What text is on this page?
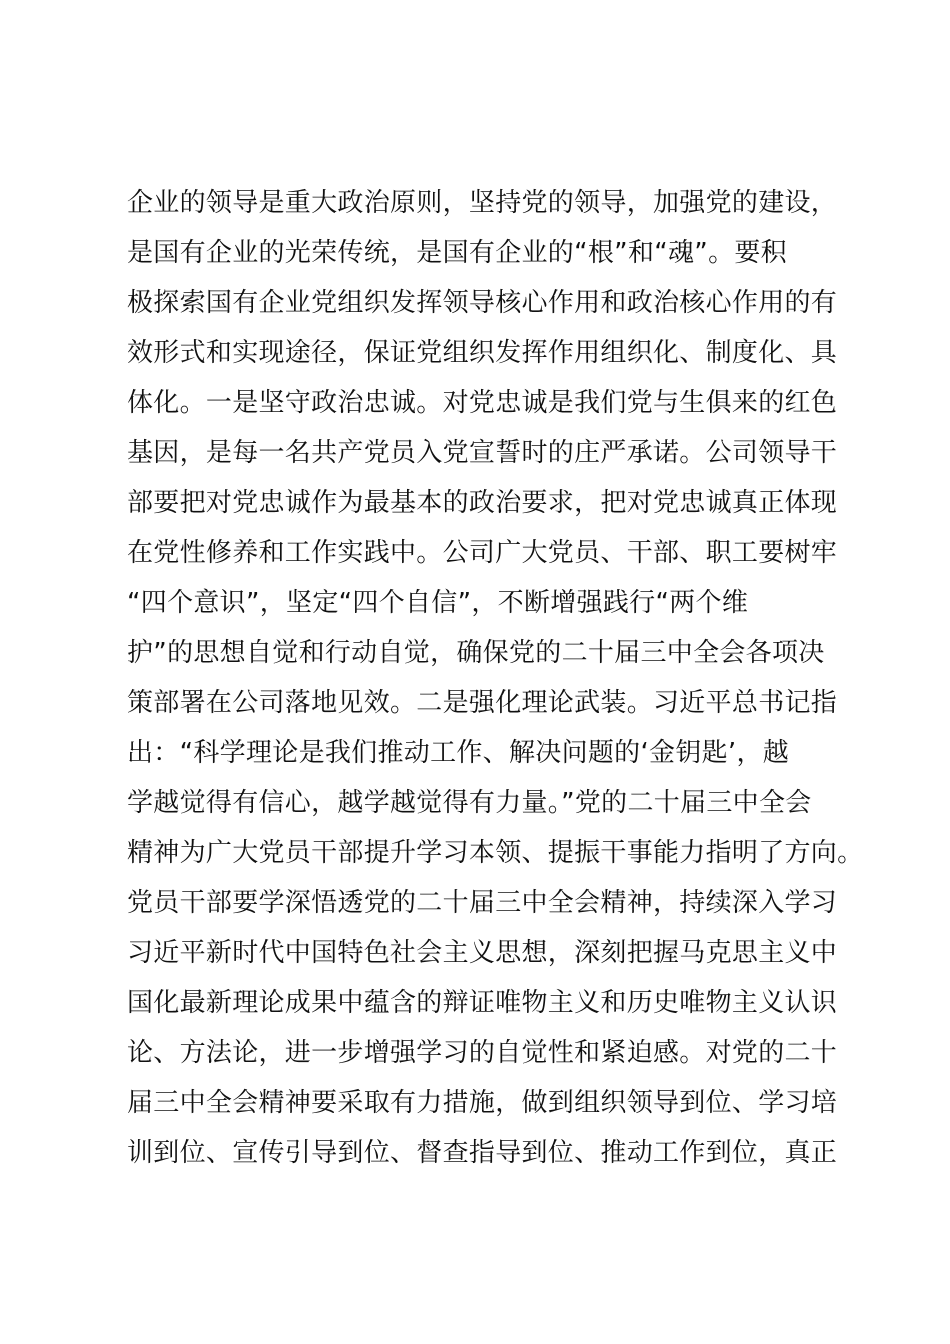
企业的领导是重大政治原则，坚持党的领导，加强党的建设，
是国有企业的光荣传统，是国有企业的“根”和“魂”。要积
极探索国有企业党组织发挥领导核心作用和政治核心作用的有
效形式和实现途径，保证党组织发挥作用组织化、制度化、具
体化。一是坚守政治忠诚。对党忠诚是我们党与生俱来的红色
基因，是每一名共产党员入党宣誓时的庄严承诺。公司领导干
部要把对党忠诚作为最基本的政治要求，把对党忠诚真正体现
在党性修养和工作实践中。公司广大党员、干部、职工要树牢
“四个意识”，坚定“四个自信”，不断增强践行“两个维
护”的思想自觉和行动自觉，确保党的二十届三中全会各项决
策部署在公司落地见效。二是强化理论武装。习近平总书记指
出：“科学理论是我们推动工作、解决问题的‘金钥匙’，越
学越觉得有信心，越学越觉得有力量。”党的二十届三中全会
精神为广大党员干部提升学习本领、提振干事能力指明了方向。
党员干部要学深悟透党的二十届三中全会精神，持续深入学习
习近平新时代中国特色社会主义思想，深刻把握马克思主义中
国化最新理论成果中蕴含的辩证唯物主义和历史唯物主义认识
论、方法论，进一步增强学习的自觉性和紧迫感。对党的二十
届三中全会精神要采取有力措施，做到组织领导到位、学习培
训到位、宣传引导到位、督查指导到位、推动工作到位，真正
